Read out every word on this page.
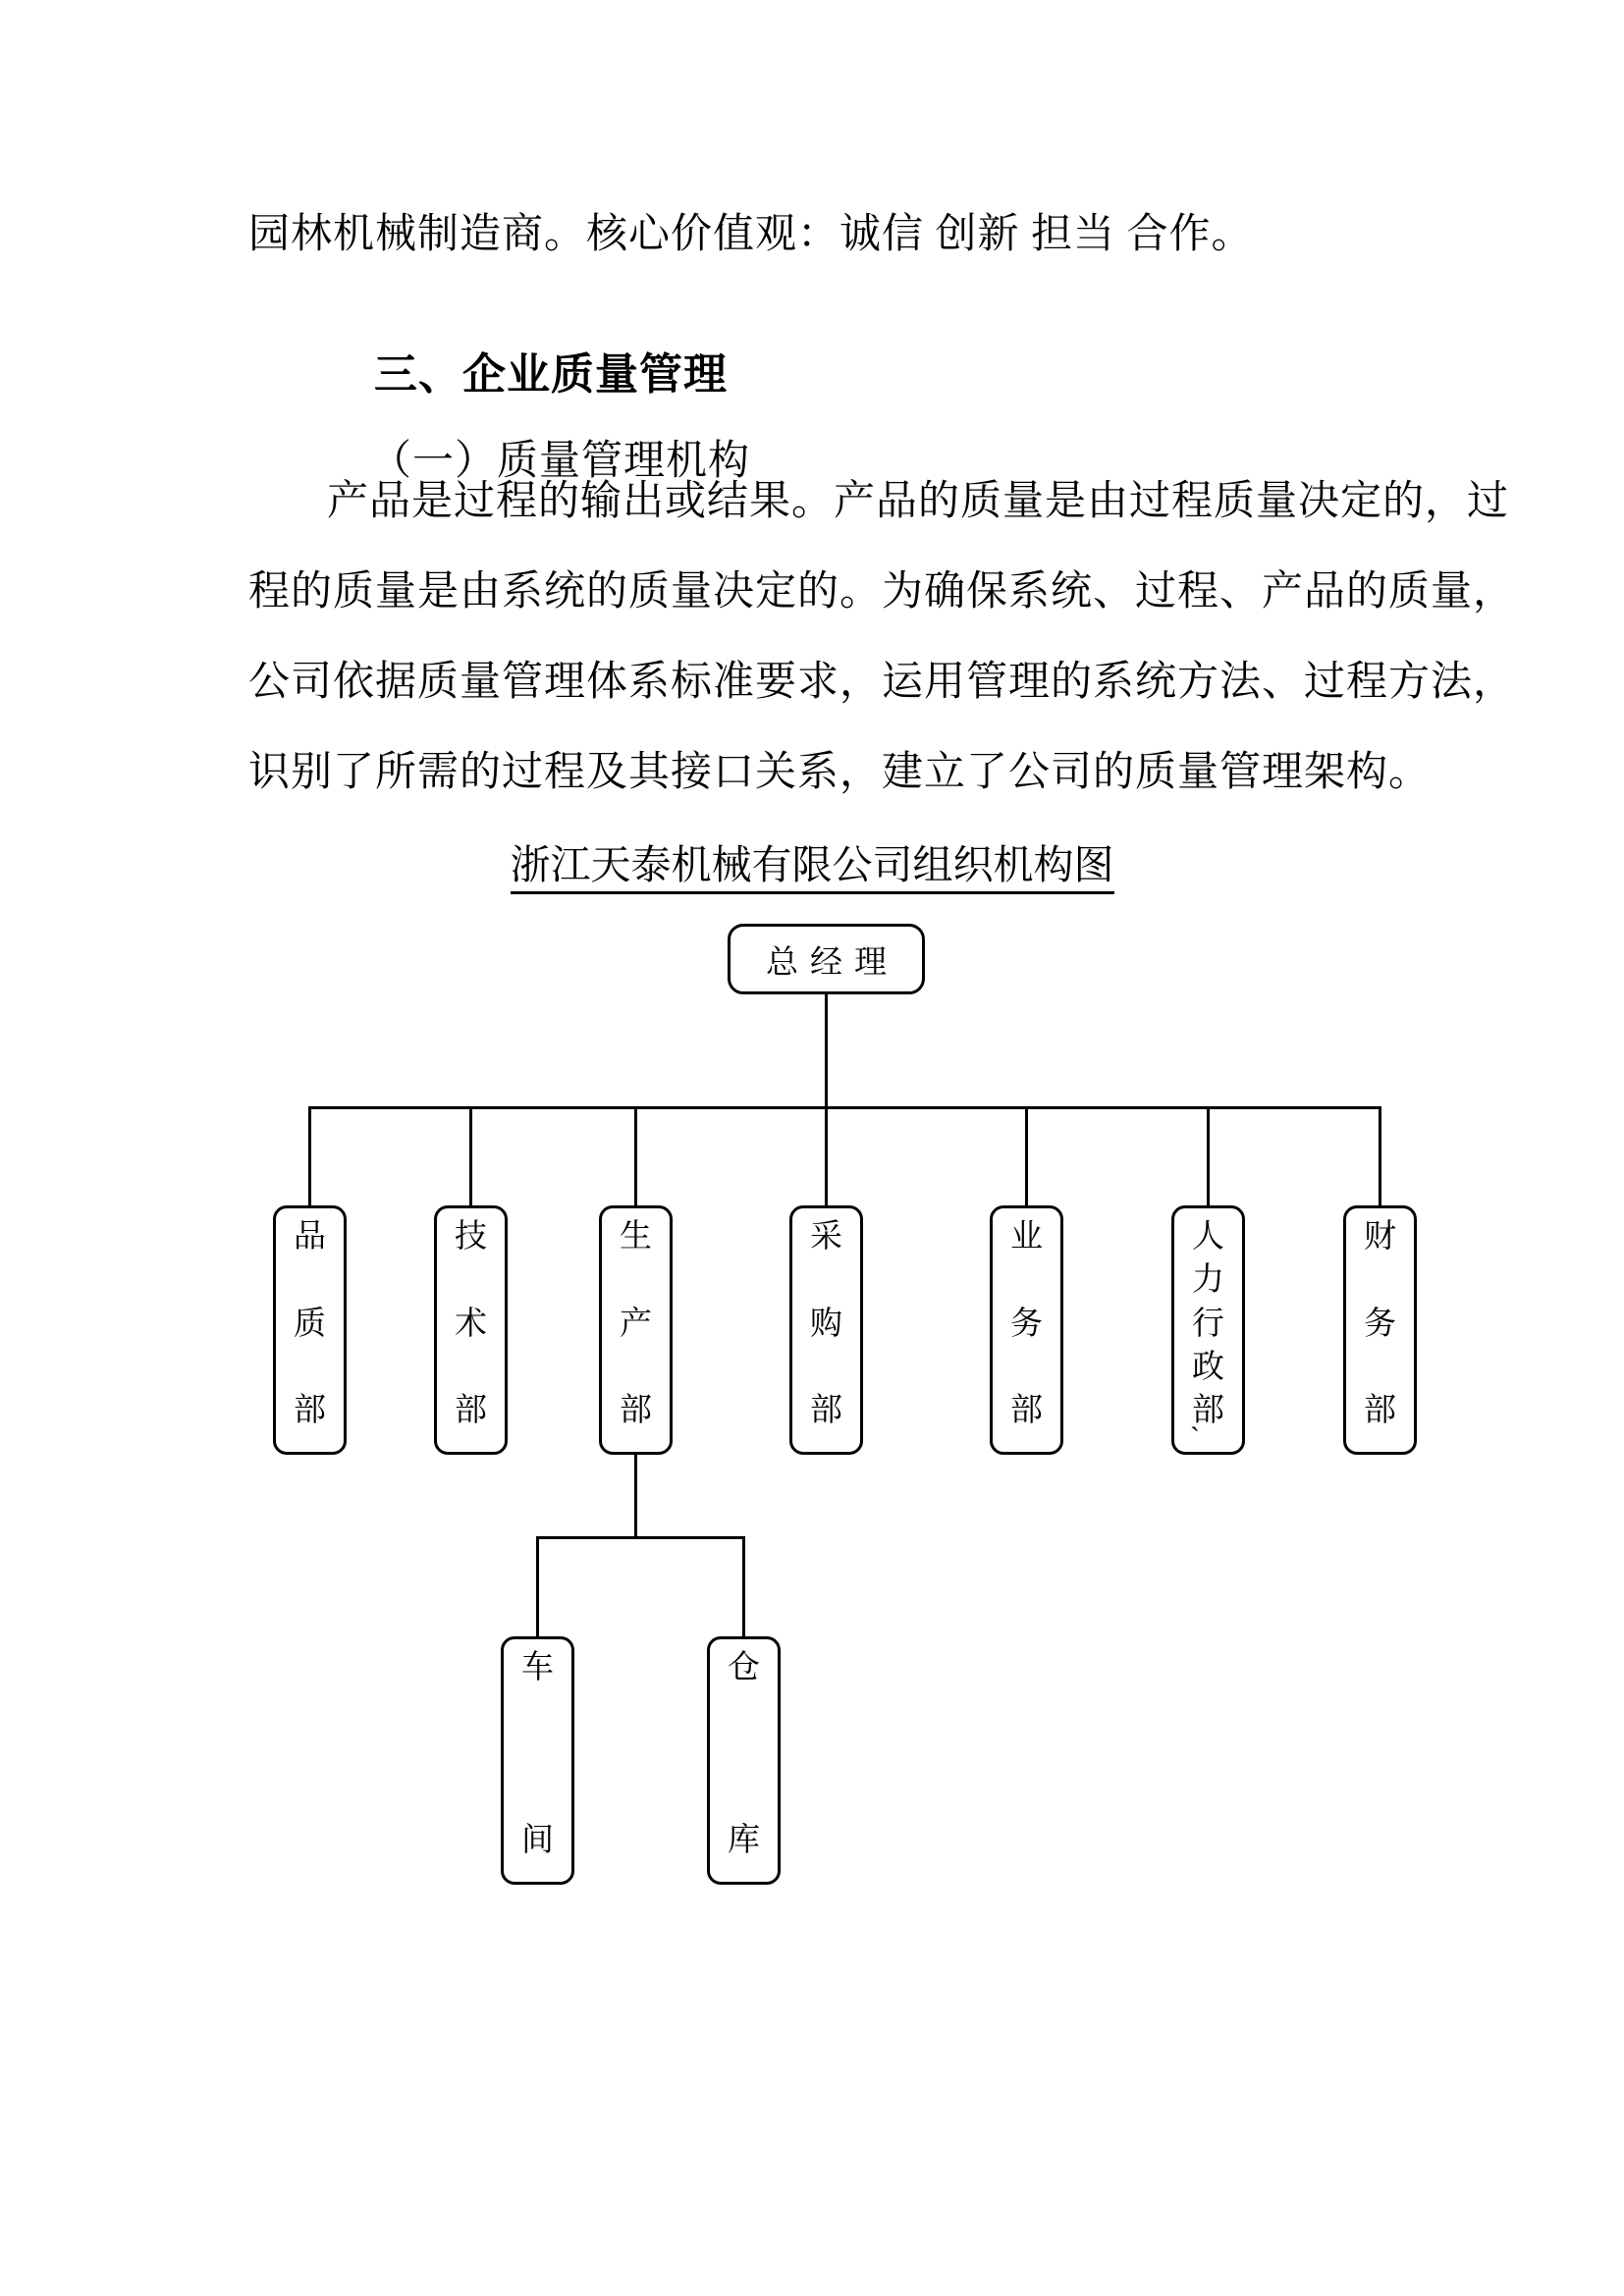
园林机械制造商。核心价值观：诚信 创新 担当 合作。

三、企业质量管理

（一）质量管理机构

产品是过程的输出或结果。产品的质量是由过程质量决定的，过
程的质量是由系统的质量决定的。为确保系统、过程、产品的质量，
公司依据质量管理体系标准要求，运用管理的系统方法、过程方法，
识别了所需的过程及其接口关系，建立了公司的质量管理架构。
浙江天泰机械有限公司组织机构图
总经理
品
质
部
技
术
部
生
产
部
采
购
部
业
务
部
人
力
行
政
部
财
务
部
`
车
间
仓
库
